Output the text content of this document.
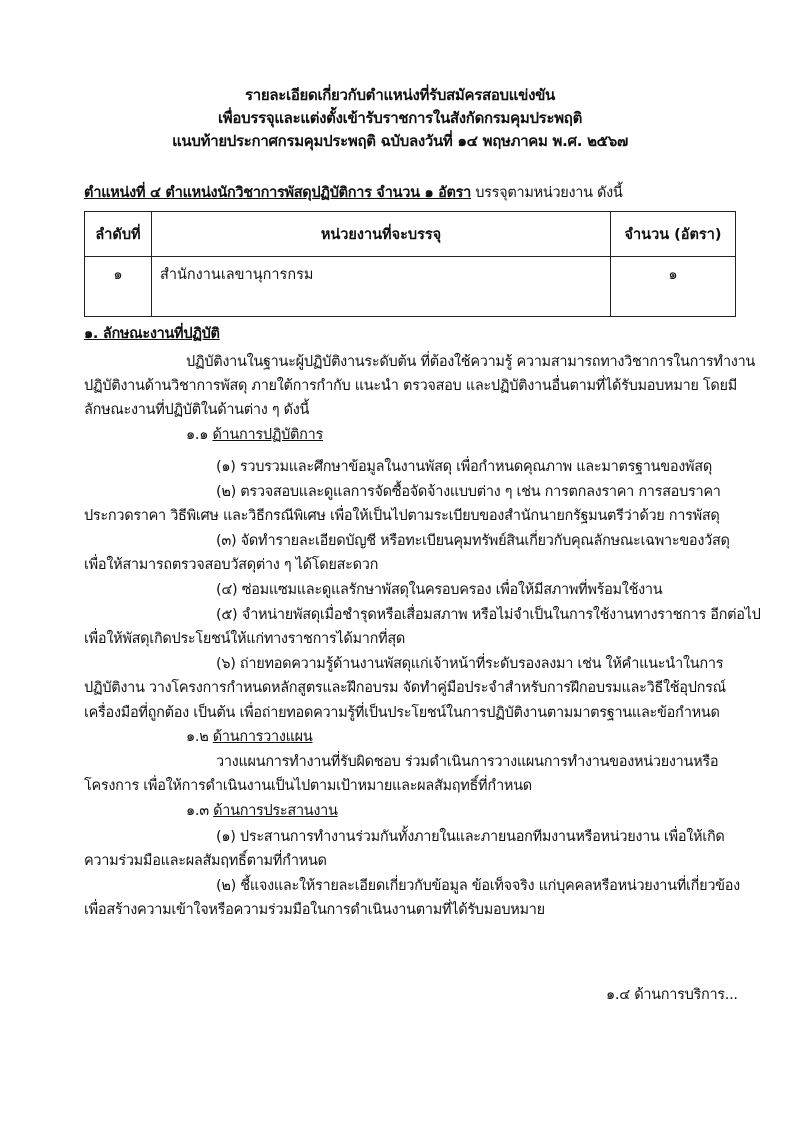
รายละเอียดเกี่ยวกับตำแหน่งที่รับสมัครสอบแข่งขัน
เพื่อบรรจุและแต่งตั้งเข้ารับราชการในสังกัดกรมคุมประพฤติ
แนบท้ายประกาศกรมคุมประพฤติ ฉบับลงวันที่ ๑๔ พฤษภาคม พ.ศ. ๒๕๖๗
ตำแหน่งที่ ๔ ตำแหน่งนักวิชาการพัสดุปฏิบัติการ จำนวน ๑ อัตรา บรรจุตามหน่วยงาน ดังนี้
ลำดับที่	หน่วยงานที่จะบรรจุ	จำนวน (อัตรา)
๑	สำนักงานเลขานุการกรม	๑
๑. ลักษณะงานที่ปฏิบัติ
ปฏิบัติงานในฐานะผู้ปฏิบัติงานระดับต้น ที่ต้องใช้ความรู้ ความสามารถทางวิชาการในการทำงาน
ปฏิบัติงานด้านวิชาการพัสดุ ภายใต้การกำกับ แนะนำ ตรวจสอบ และปฏิบัติงานอื่นตามที่ได้รับมอบหมาย โดยมี
ลักษณะงานที่ปฏิบัติในด้านต่าง ๆ ดังนี้
๑.๑ ด้านการปฏิบัติการ
(๑) รวบรวมและศึกษาข้อมูลในงานพัสดุ เพื่อกำหนดคุณภาพ และมาตรฐานของพัสดุ
(๒) ตรวจสอบและดูแลการจัดซื้อจัดจ้างแบบต่าง ๆ เช่น การตกลงราคา การสอบราคา
ประกวดราคา วิธีพิเศษ และวิธีกรณีพิเศษ เพื่อให้เป็นไปตามระเบียบของสำนักนายกรัฐมนตรีว่าด้วย การพัสดุ
(๓) จัดทำรายละเอียดบัญชี หรือทะเบียนคุมทรัพย์สินเกี่ยวกับคุณลักษณะเฉพาะของวัสดุ
เพื่อให้สามารถตรวจสอบวัสดุต่าง ๆ ได้โดยสะดวก
(๔) ซ่อมแซมและดูแลรักษาพัสดุในครอบครอง เพื่อให้มีสภาพที่พร้อมใช้งาน
(๕) จำหน่ายพัสดุเมื่อชำรุดหรือเสื่อมสภาพ หรือไม่จำเป็นในการใช้งานทางราชการ อีกต่อไป
เพื่อให้พัสดุเกิดประโยชน์ให้แก่ทางราชการได้มากที่สุด
(๖) ถ่ายทอดความรู้ด้านงานพัสดุแก่เจ้าหน้าที่ระดับรองลงมา เช่น ให้คำแนะนำในการ
ปฏิบัติงาน วางโครงการกำหนดหลักสูตรและฝึกอบรม จัดทำคู่มือประจำสำหรับการฝึกอบรมและวิธีใช้อุปกรณ์
เครื่องมือที่ถูกต้อง เป็นต้น เพื่อถ่ายทอดความรู้ที่เป็นประโยชน์ในการปฏิบัติงานตามมาตรฐานและข้อกำหนด
๑.๒ ด้านการวางแผน
วางแผนการทำงานที่รับผิดชอบ ร่วมดำเนินการวางแผนการทำงานของหน่วยงานหรือ
โครงการ เพื่อให้การดำเนินงานเป็นไปตามเป้าหมายและผลสัมฤทธิ์ที่กำหนด
๑.๓ ด้านการประสานงาน
(๑) ประสานการทำงานร่วมกันทั้งภายในและภายนอกทีมงานหรือหน่วยงาน เพื่อให้เกิด
ความร่วมมือและผลสัมฤทธิ์ตามที่กำหนด
(๒) ชี้แจงและให้รายละเอียดเกี่ยวกับข้อมูล ข้อเท็จจริง แก่บุคคลหรือหน่วยงานที่เกี่ยวข้อง
เพื่อสร้างความเข้าใจหรือความร่วมมือในการดำเนินงานตามที่ได้รับมอบหมาย
๑.๔ ด้านการบริการ...
